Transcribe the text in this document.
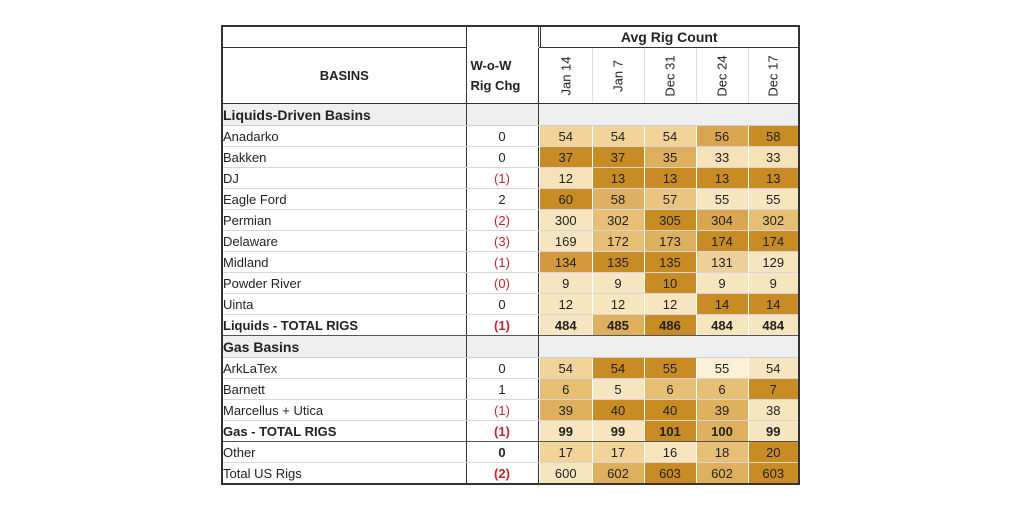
			Avg Rig Count				
BASINS	W-o-W
Rig Chg		Jan 14	Jan 7	Dec 31	Dec 24	Dec 17

Liquids-Driven Basins							
Anadarko	0		54	54	54	56	58
Bakken	0		37	37	35	33	33
DJ	(1)		12	13	13	13	13
Eagle Ford	2		60	58	57	55	55
Permian	(2)		300	302	305	304	302
Delaware	(3)		169	172	173	174	174
Midland	(1)		134	135	135	131	129
Powder River	(0)		9	9	10	9	9
Uinta	0		12	12	12	14	14
Liquids - TOTAL RIGS	(1)		484	485	486	484	484
Gas Basins							
ArkLaTex	0		54	54	55	55	54
Barnett	1		6	5	6	6	7
Marcellus + Utica	(1)		39	40	40	39	38
Gas - TOTAL RIGS	(1)		99	99	101	100	99
Other	0		17	17	16	18	20
Total US Rigs	(2)		600	602	603	602	603
